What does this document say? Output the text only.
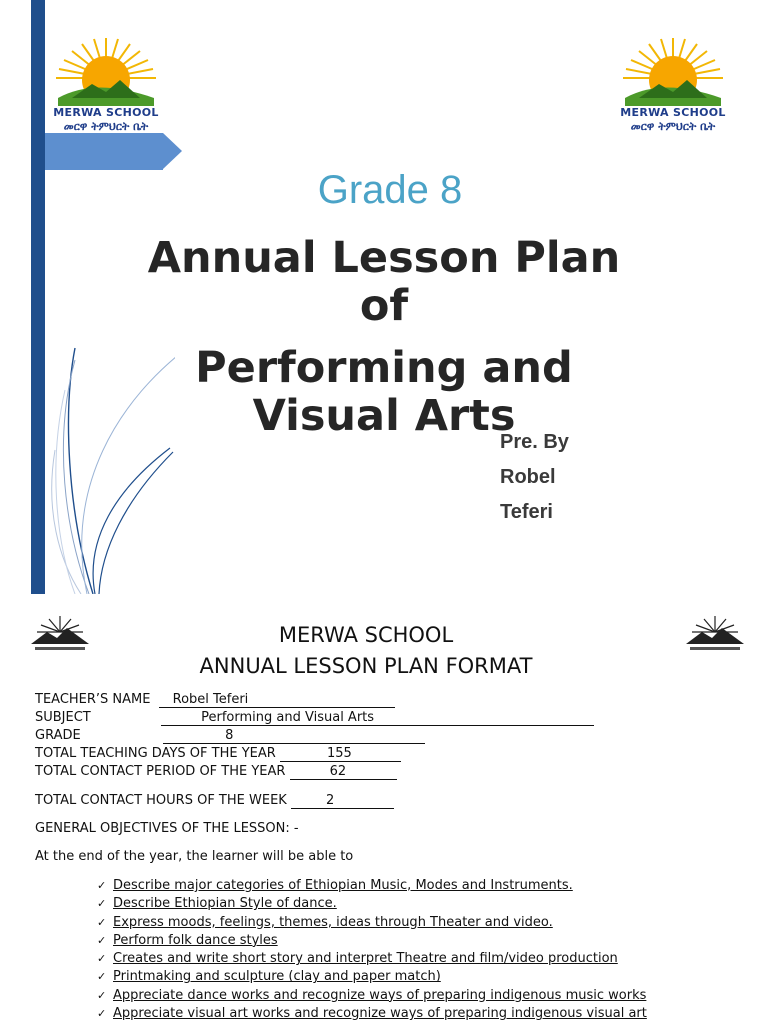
MERWA SCHOOL
መርዋ ትምህርት ቤት
MERWA SCHOOL
መርዋ ትምህርት ቤት
Grade 8
Annual Lesson Plan
of
Performing and
Visual Arts
Pre. By
Robel
Teferi
MERWA SCHOOL
ANNUAL LESSON PLAN FORMAT
TEACHER’S NAME Robel Teferi
SUBJECT	Performing and Visual Arts
GRADE	8
TOTAL TEACHING DAYS OF THE YEAR	155
TOTAL CONTACT PERIOD OF THE YEAR	62
TOTAL CONTACT HOURS OF THE WEEK	2
GENERAL OBJECTIVES OF THE LESSON: -
At the end of the year, the learner will be able to
✓ Describe major categories of Ethiopian Music, Modes and Instruments.
✓ Describe Ethiopian Style of dance.
✓ Express moods, feelings, themes, ideas through Theater and video.
✓ Perform folk dance styles
✓ Creates and write short story and interpret Theatre and film/video production
✓ Printmaking and sculpture (clay and paper match)
✓ Appreciate dance works and recognize ways of preparing indigenous music works
✓ Appreciate visual art works and recognize ways of preparing indigenous visual art
